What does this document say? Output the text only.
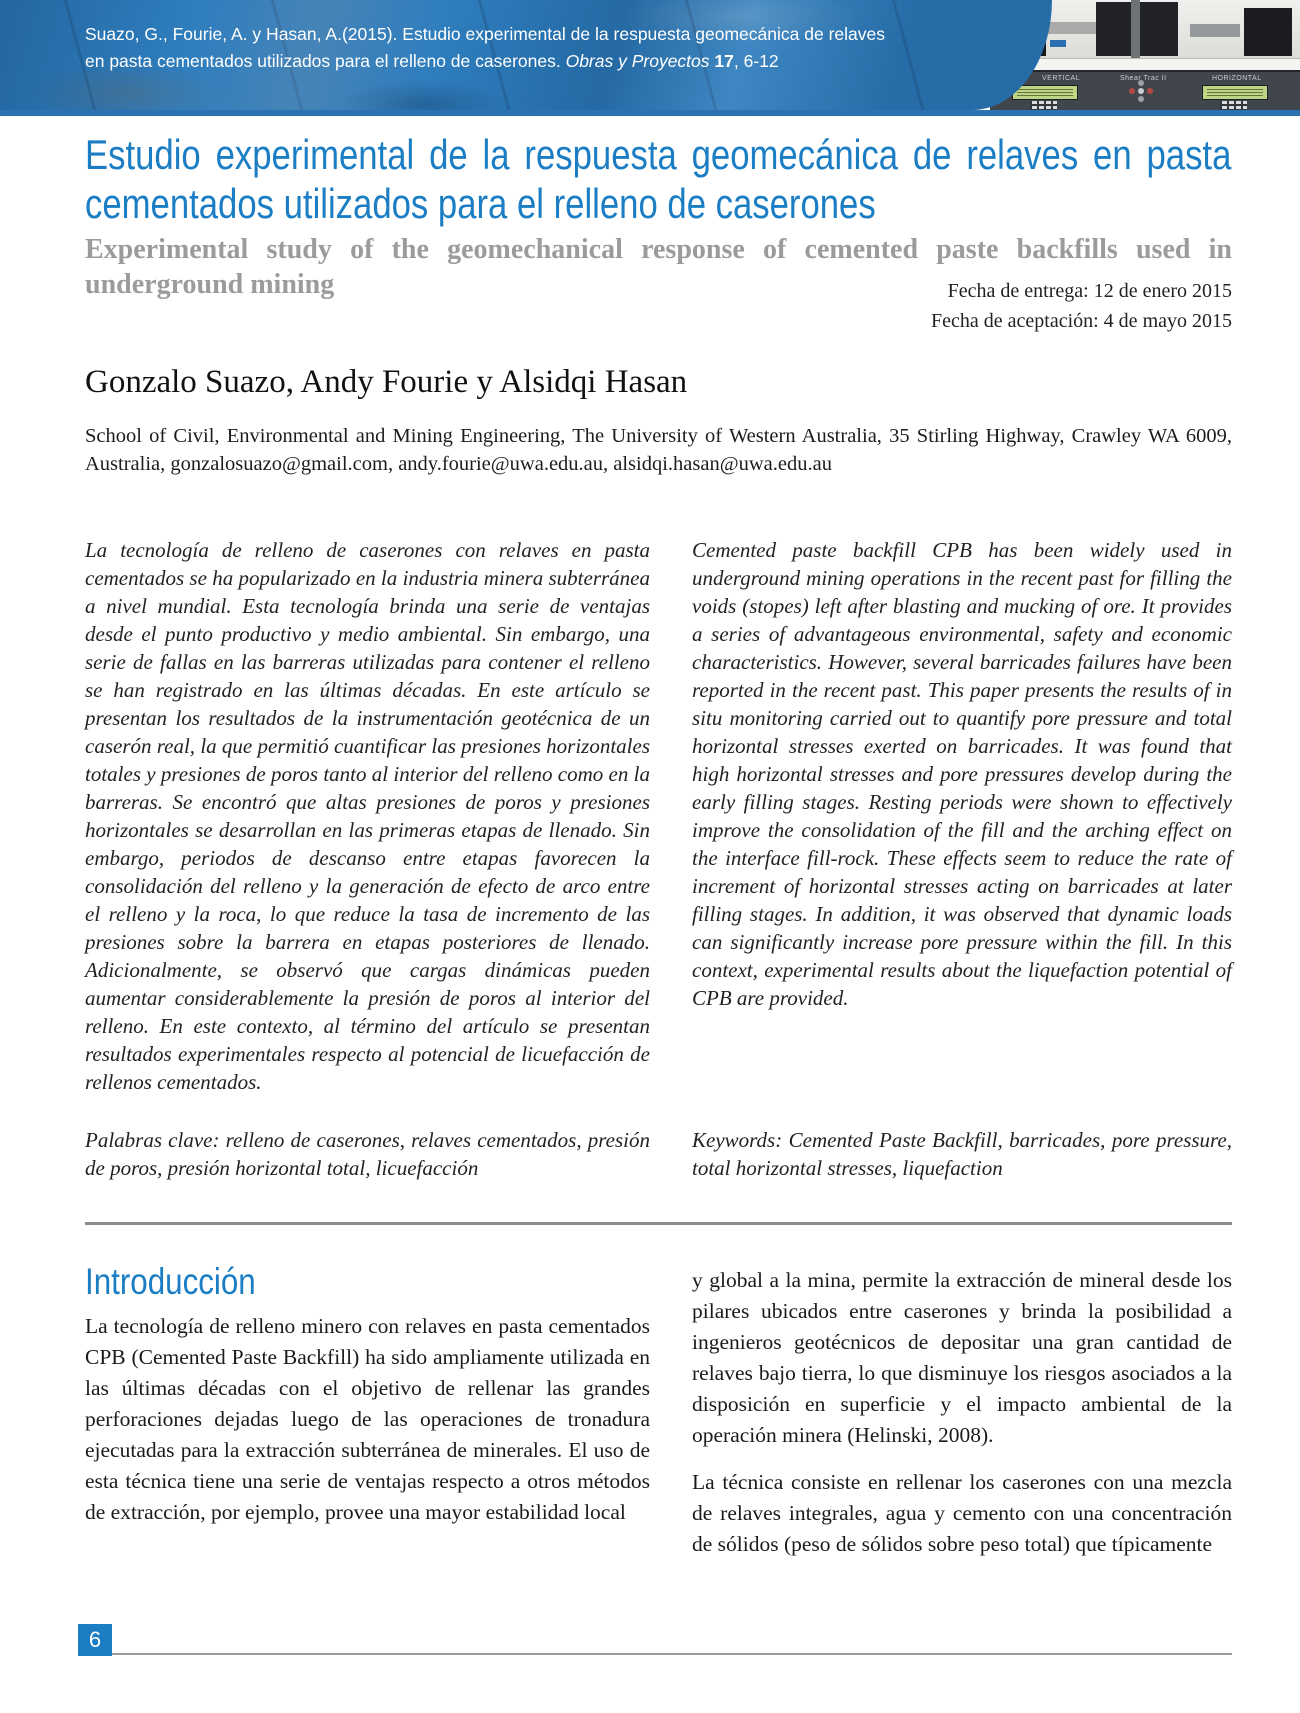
VERTICAL	Shear Trac II	HORIZONTAL
Suazo, G., Fourie, A. y Hasan, A.(2015). Estudio experimental de la respuesta geomecánica de relaves en pasta cementados utilizados para el relleno de caserones. Obras y Proyectos 17, 6-12
Estudio experimental de la respuesta geomecánica de relaves en pasta cementados utilizados para el relleno de caserones
Experimental study of the geomechanical response of cemented paste backfills used in underground mining	Fecha de entrega: 12 de enero 2015
Fecha de aceptación: 4 de mayo 2015
Gonzalo Suazo, Andy Fourie y Alsidqi Hasan
School of Civil, Environmental and Mining Engineering, The University of Western Australia, 35 Stirling Highway, Crawley WA 6009, Australia, gonzalosuazo@gmail.com, andy.fourie@uwa.edu.au, alsidqi.hasan@uwa.edu.au
La tecnología de relleno de caserones con relaves en pasta cementados se ha popularizado en la industria minera subterránea a nivel mundial. Esta tecnología brinda una serie de ventajas desde el punto productivo y medio ambiental. Sin embargo, una serie de fallas en las barreras utilizadas para contener el relleno se han registrado en las últimas décadas. En este artículo se presentan los resultados de la instrumentación geotécnica de un caserón real, la que permitió cuantificar las presiones horizontales totales y presiones de poros tanto al interior del relleno como en la barreras. Se encontró que altas presiones de poros y presiones horizontales se desarrollan en las primeras etapas de llenado. Sin embargo, periodos de descanso entre etapas favorecen la consolidación del relleno y la generación de efecto de arco entre el relleno y la roca, lo que reduce la tasa de incremento de las presiones sobre la barrera en etapas posteriores de llenado. Adicionalmente, se observó que cargas dinámicas pueden aumentar considerablemente la presión de poros al interior del relleno. En este contexto, al término del artículo se presentan resultados experimentales respecto al potencial de licuefacción de rellenos cementados.
Palabras clave: relleno de caserones, relaves cementados, presión de poros, presión horizontal total, licuefacción
Cemented paste backfill CPB has been widely used in underground mining operations in the recent past for filling the voids (stopes) left after blasting and mucking of ore. It provides a series of advantageous environmental, safety and economic characteristics. However, several barricades failures have been reported in the recent past. This paper presents the results of in situ monitoring carried out to quantify pore pressure and total horizontal stresses exerted on barricades. It was found that high horizontal stresses and pore pressures develop during the early filling stages. Resting periods were shown to effectively improve the consolidation of the fill and the arching effect on the interface fill-rock. These effects seem to reduce the rate of increment of horizontal stresses acting on barricades at later filling stages. In addition, it was observed that dynamic loads can significantly increase pore pressure within the fill. In this context, experimental results about the liquefaction potential of CPB are provided.
Keywords: Cemented Paste Backfill, barricades, pore pressure, total horizontal stresses, liquefaction
Introducción

La tecnología de relleno minero con relaves en pasta cementados CPB (Cemented Paste Backfill) ha sido ampliamente utilizada en las últimas décadas con el objetivo de rellenar las grandes perforaciones dejadas luego de las operaciones de tronadura ejecutadas para la extracción subterránea de minerales. El uso de esta técnica tiene una serie de ventajas respecto a otros métodos de extracción, por ejemplo, provee una mayor estabilidad local

y global a la mina, permite la extracción de mineral desde los pilares ubicados entre caserones y brinda la posibilidad a ingenieros geotécnicos de depositar una gran cantidad de relaves bajo tierra, lo que disminuye los riesgos asociados a la disposición en superficie y el impacto ambiental de la operación minera (Helinski, 2008).

La técnica consiste en rellenar los caserones con una mezcla de relaves integrales, agua y cemento con una concentración de sólidos (peso de sólidos sobre peso total) que típicamente

6
